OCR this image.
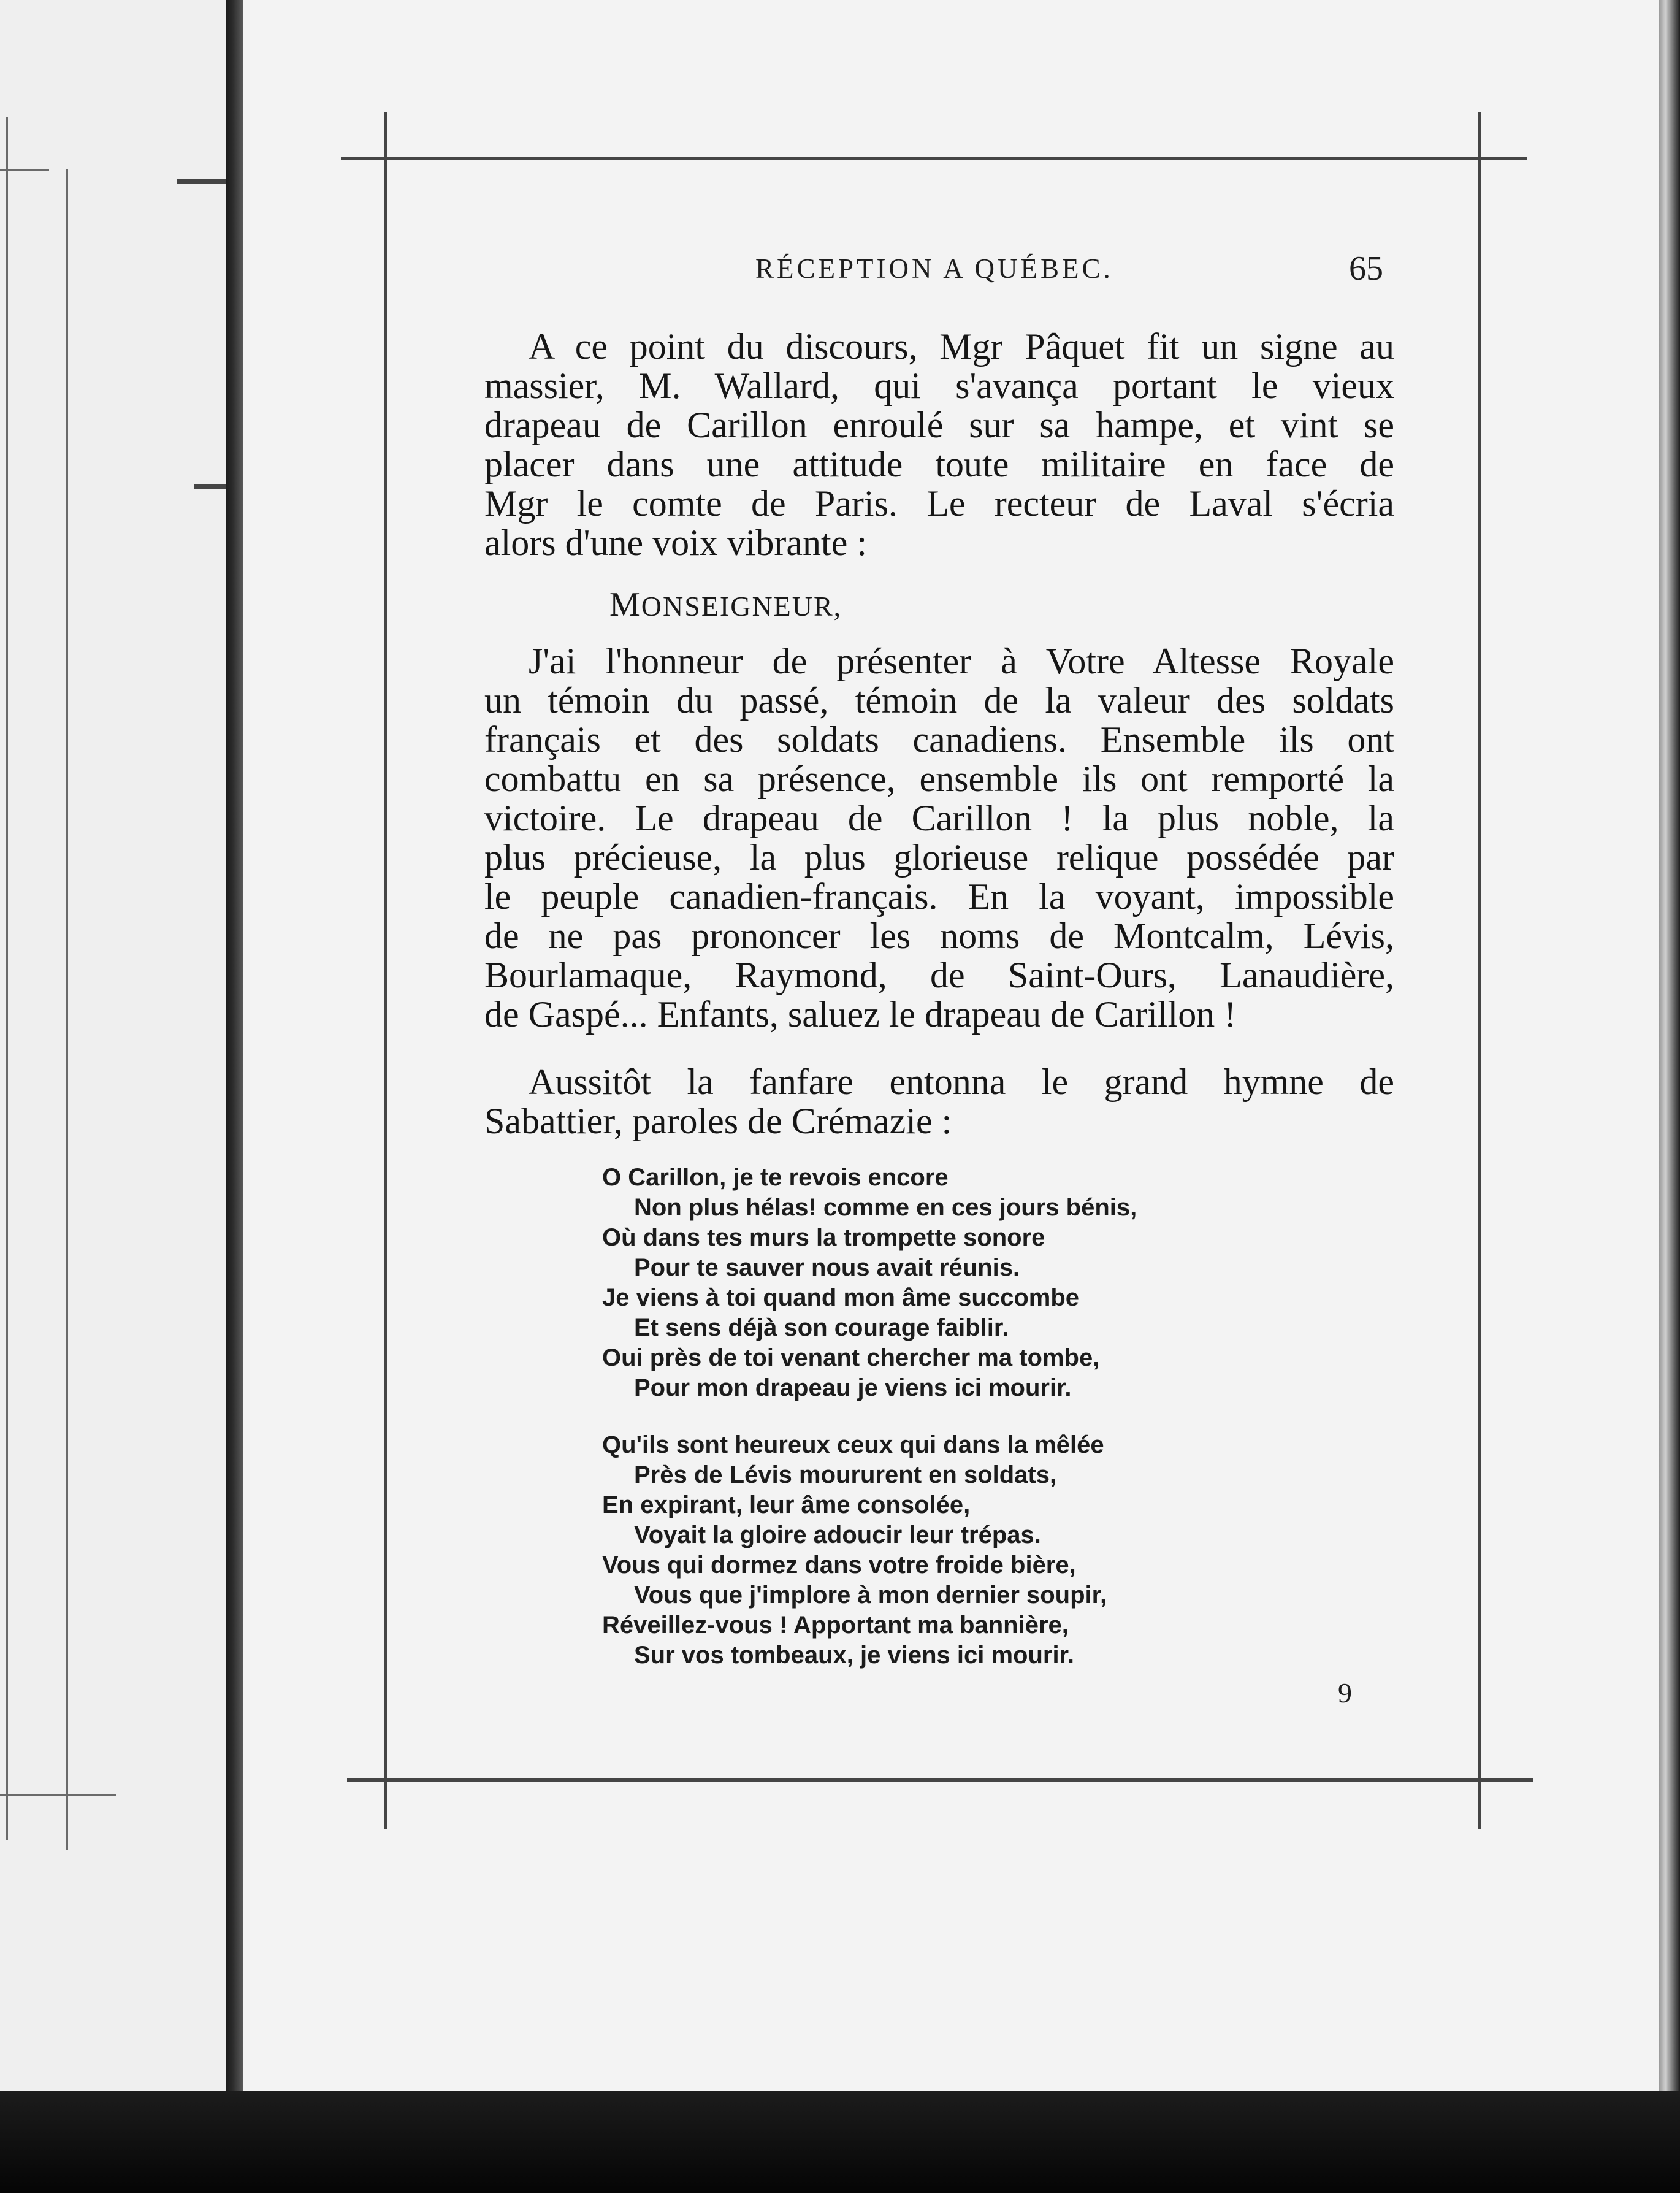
RÉCEPTION A QUÉBEC.	65
A ce point du discours, Mgr Pâquet fit un signe au
massier, M. Wallard, qui s'avança portant le vieux
drapeau de Carillon enroulé sur sa hampe, et vint se
placer dans une attitude toute militaire en face de
Mgr le comte de Paris. Le recteur de Laval s'écria
alors d'une voix vibrante :

MONSEIGNEUR,

J'ai l'honneur de présenter à Votre Altesse Royale
un témoin du passé, témoin de la valeur des soldats
français et des soldats canadiens. Ensemble ils ont
combattu en sa présence, ensemble ils ont remporté la
victoire. Le drapeau de Carillon ! la plus noble, la
plus précieuse, la plus glorieuse relique possédée par
le peuple canadien-français. En la voyant, impossible
de ne pas prononcer les noms de Montcalm, Lévis,
Bourlamaque, Raymond, de Saint-Ours, Lanaudière,
de Gaspé... Enfants, saluez le drapeau de Carillon !
Aussitôt la fanfare entonna le grand hymne de
Sabattier, paroles de Crémazie :
O Carillon, je te revois encore
Non plus hélas! comme en ces jours bénis,
Où dans tes murs la trompette sonore
Pour te sauver nous avait réunis.
Je viens à toi quand mon âme succombe
Et sens déjà son courage faiblir.
Oui près de toi venant chercher ma tombe,
Pour mon drapeau je viens ici mourir.
Qu'ils sont heureux ceux qui dans la mêlée
Près de Lévis moururent en soldats,
En expirant, leur âme consolée,
Voyait la gloire adoucir leur trépas.
Vous qui dormez dans votre froide bière,
Vous que j'implore à mon dernier soupir,
Réveillez-vous ! Apportant ma bannière,
Sur vos tombeaux, je viens ici mourir.
9
